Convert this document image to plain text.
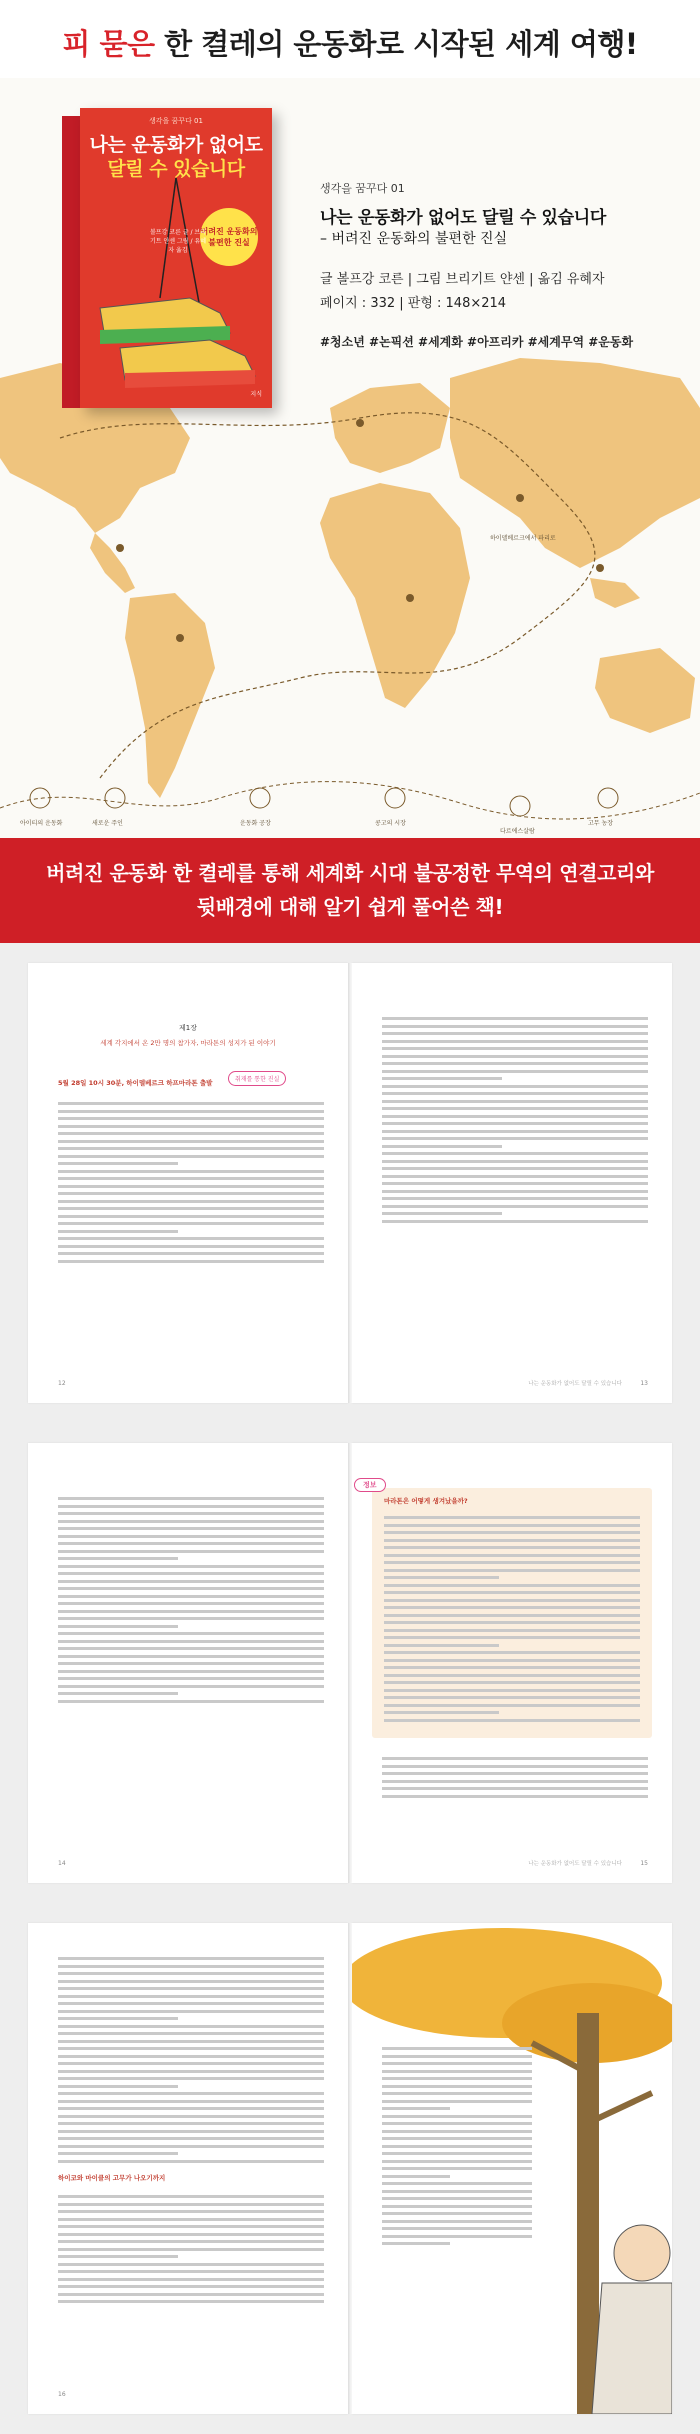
피 묻은 한 켤레의 운동화로 시작된 세계 여행!
생각을 꿈꾸다 01
나는 운동화가 없어도
달릴 수 있습니다
버려진 운동화의 불편한 진실
볼프강 코른 글 / 브리기트 얀센 그림 / 유혜자 옮김
지식
생각을 꿈꾸다 01
나는 운동화가 없어도 달릴 수 있습니다
– 버려진 운동화의 불편한 진실
글 볼프강 코른 | 그림 브리기트 얀센 | 옮김 유혜자
페이지 : 332 | 판형 : 148×214
#청소년 #논픽션 #세계화 #아프리카 #세계무역 #운동화
하이델베르크에서 파리로
아이티의 운동화	새로운 주인	운동화 공장	콩고의 시장
다르에스살람
고무 농장
버려진 운동화 한 켤레를 통해 세계화 시대 불공정한 무역의 연결고리와
뒷배경에 대해 알기 쉽게 풀어쓴 책!
제1장
세계 각지에서 온 2만 명의 참가자, 마라톤의 성지가 된 이야기
5월 28일 10시 30분, 하이델베르크 하프마라톤 출발	취재를 통한 진실
12	나는 운동화가 없어도 달릴 수 있습니다	13
14
정보
마라톤은 어떻게 생겨났을까?
나는 운동화가 없어도 달릴 수 있습니다	15
하이코와 마이클의 고무가 나오기까지
16
